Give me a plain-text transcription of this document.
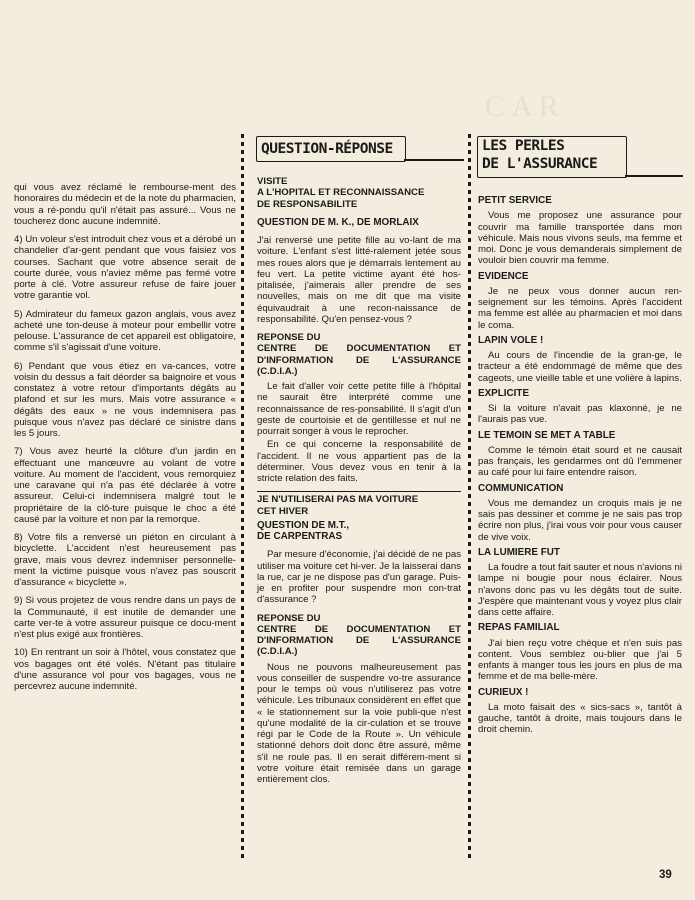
CAR

qui vous avez réclamé le rembourse-ment des honoraires du médecin et de la note du pharmacien, vous a ré-pondu qu'il n'était pas assuré... Vous ne toucherez donc aucune indemnité.

4) Un voleur s'est introduit chez vous et a dérobé un chandelier d'ar-gent pendant que vous faisiez vos courses. Sachant que votre absence serait de courte durée, vous n'aviez même pas fermé votre porte à clé. Votre assureur refuse de faire jouer votre garantie vol.

5) Admirateur du fameux gazon anglais, vous avez acheté une ton-deuse à moteur pour embellir votre pelouse. L'assurance de cet appareil est obligatoire, comme s'il s'agissait d'une voiture.

6) Pendant que vous étiez en va-cances, votre voisin du dessus a fait déorder sa baignoire et vous constatez à votre retour d'importants dégâts au plafond et sur les murs. Mais votre assurance « dégâts des eaux » ne vous indemnisera pas puisque vous n'avez pas déclaré ce sinistre dans les 5 jours.

7) Vous avez heurté la clôture d'un jardin en effectuant une manœuvre au volant de votre voiture. Au moment de l'accident, vous remorquiez une caravane qui n'a pas été déclarée à votre assureur. Celui-ci indemnisera malgré tout le propriétaire de la clô-ture puisque le choc a été causé par la voiture et non par la remorque.

8) Votre fils a renversé un piéton en circulant à bicyclette. L'accident n'est heureusement pas grave, mais vous devrez indemniser personnelle-ment la victime puisque vous n'avez pas souscrit d'assurance « bicyclette ».

9) Si vous projetez de vous rendre dans un pays de la Communauté, il est inutile de demander une carte ver-te à votre assureur puisque ce docu-ment n'est plus exigé aux frontières.

10) En rentrant un soir à l'hôtel, vous constatez que vos bagages ont été volés. N'étant pas titulaire d'une assurance vol pour vos bagages, vous ne percevrez aucune indemnité.

QUESTION-RÉPONSE

VISITE
A L'HOPITAL ET RECONNAISSANCE
DE RESPONSABILITE

QUESTION DE M. K., DE MORLAIX

J'ai renversé une petite fille au vo-lant de ma voiture. L'enfant s'est litté-ralement jetée sous mes roues alors que je démarrais lentement au feu vert. La petite victime ayant été hos-pitalisée, j'aimerais aller prendre de ses nouvelles, mais on me dit que ma visite équivaudrait à une recon-naissance de responsabilité. Qu'en pensez-vous ?

REPONSE DU
CENTRE DE DOCUMENTATION ET D'INFORMATION DE L'ASSURANCE (C.D.I.A.)

Le fait d'aller voir cette petite fille à l'hôpital ne saurait être interprété comme une reconnaissance de res-ponsabilité. Il s'agit d'un geste de courtoisie et de gentillesse et nul ne pourrait songer à vous le reprocher.

En ce qui concerne la responsabilité de l'accident. Il ne vous appartient pas de la déterminer. Vous devez vous en tenir à la stricte relation des faits.

JE N'UTILISERAI PAS MA VOITURE
CET HIVER

QUESTION DE M.T.,
DE CARPENTRAS

Par mesure d'économie, j'ai décidé de ne pas utiliser ma voiture cet hi-ver. Je la laisserai dans la rue, car je ne dispose pas d'un garage. Puis-je en profiter pour suspendre mon con-trat d'assurance ?

REPONSE DU
CENTRE DE DOCUMENTATION ET D'INFORMATION DE L'ASSURANCE (C.D.I.A.)

Nous ne pouvons malheureusement pas vous conseiller de suspendre vo-tre assurance pour le temps où vous n'utiliserez pas votre véhicule. Les tribunaux considèrent en effet que « le stationnement sur la voie publi-que n'est qu'une modalité de la cir-culation et se trouve régi par le Code de la Route ». Un véhicule stationné dehors doit donc être assuré, même s'il ne roule pas. Il en serait différem-ment si votre voiture était remisée dans un garage entièrement clos.

LES PERLES
DE L'ASSURANCE

PETIT SERVICE

Vous me proposez une assurance pour couvrir ma famille transportée dans mon véhicule. Mais nous vivons seuls, ma femme et moi. Donc je vous demanderais simplement de vouloir bien couvrir ma femme.

EVIDENCE

Je ne peux vous donner aucun ren-seignement sur les témoins. Après l'accident ma femme est allée au pharmacien et moi dans le coma.

LAPIN VOLE !

Au cours de l'incendie de la gran-ge, le tracteur a été endommagé de même que des cageots, une vieille table et une volière à lapins.

EXPLICITE

Si la voiture n'avait pas klaxonné, je ne l'aurais pas vue.

LE TEMOIN SE MET A TABLE

Comme le témoin était sourd et ne causait pas français, les gendarmes ont dû l'emmener au café pour lui faire entendre raison.

COMMUNICATION

Vous me demandez un croquis mais je ne sais pas dessiner et comme je ne sais pas trop écrire non plus, j'irai vous voir pour vous causer de vive voix.

LA LUMIERE FUT

La foudre a tout fait sauter et nous n'avions ni lampe ni bougie pour nous éclairer. Nous n'avons donc pas vu les dégâts tout de suite. J'espère que maintenant vous y voyez plus clair dans cette affaire.

REPAS FAMILIAL

J'ai bien reçu votre chèque et n'en suis pas content. Vous semblez ou-blier que j'ai 5 enfants à manger tous les jours en plus de ma femme et de ma belle-mère.

CURIEUX !

La moto faisait des « sics-sacs », tantôt à gauche, tantôt à droite, mais toujours dans le droit chemin.

39
